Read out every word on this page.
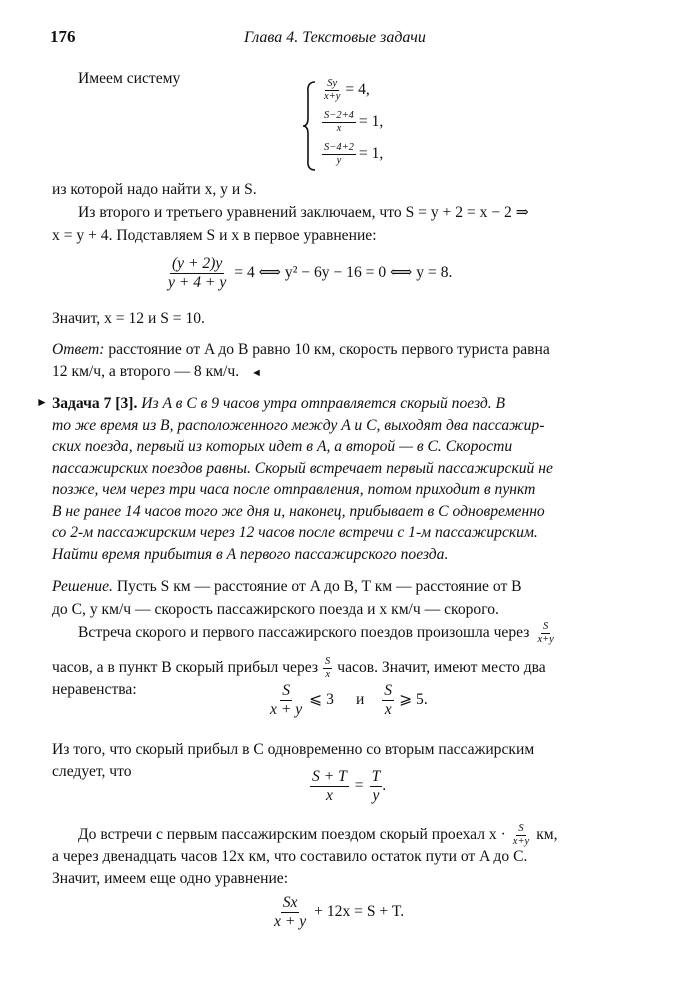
176	Глава 4. Текстовые задачи
Имеем систему	$\frac{Sy}{x+y} = 4$,
$\frac{S-2+4}{x} = 1$,
$\frac{S-4+2}{y} = 1$,
из которой надо найти x, y и S.
Из второго и третьего уравнений заключаем, что S = y + 2 = x − 2 ⇒
x = y + 4. Подставляем S и x в первое уравнение:
$\frac{(y + 2)y}{y + 4 + y} = 4$ ⟺ y² − 6y − 16 = 0 ⟺ y = 8.
Значит, x = 12 и S = 10.
Ответ: расстояние от A до B равно 10 км, скорость первого туриста равна
12 км/ч, а второго — 8 км/ч. ◄
► Задача 7 [3]. Из A в C в 9 часов утра отправляется скорый поезд. В
то же время из B, расположенного между A и C, выходят два пассажир-
ских поезда, первый из которых идет в A, а второй — в C. Скорости
пассажирских поездов равны. Скорый встречает первый пассажирский не
позже, чем через три часа после отправления, потом приходит в пункт
B не ранее 14 часов того же дня и, наконец, прибывает в C одновременно
со 2-м пассажирским через 12 часов после встречи с 1-м пассажирским.
Найти время прибытия в A первого пассажирского поезда.
Решение. Пусть S км — расстояние от A до B, T км — расстояние от B
до C, y км/ч — скорость пассажирского поезда и x км/ч — скорого.
Встреча скорого и первого пассажирского поездов произошла через $\frac{S}{x+y}$
часов, а в пункт B скорый прибыл через $\frac{S}{x}$ часов. Значит, имеют место два
неравенства:	$\frac{S}{x + y}$ ⩽ 3 и $\frac{S}{x}$ ⩾ 5.
Из того, что скорый прибыл в C одновременно со вторым пассажирским
следует, что	$\frac{S + T}{x} = \frac{T}{y}$ .
До встречи с первым пассажирским поездом скорый проехал $x \cdot \frac{S}{x+y}$ км,
а через двенадцать часов 12x км, что составило остаток пути от A до C.
Значит, имеем еще одно уравнение:
$\frac{Sx}{x + y} + 12x = S + T$.
